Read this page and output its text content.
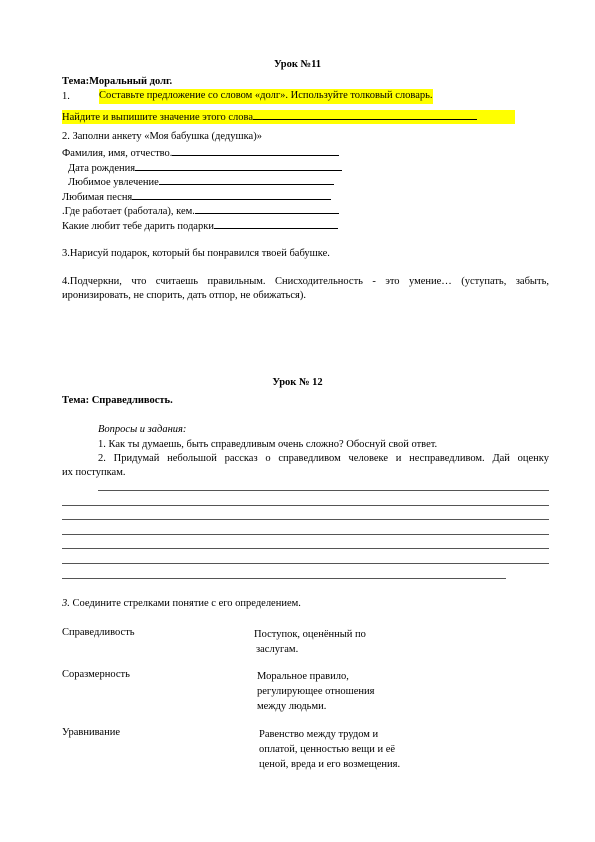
Урок №11
Тема:Моральный долг.
1.	Составьте предложение со словом «долг». Используйте толковый словарь.
Найдите и выпишите значение этого слова
2. Заполни анкету «Моя бабушка (дедушка)»
Фамилия, имя, отчество.
Дата рождения
Любимое увлечение
Любимая песня
.Где работает (работала), кем.
Какие любит тебе дарить подарки
3.Нарисуй подарок, который бы понравился твоей бабушке.
4.Подчеркни, что считаешь правильным. Снисходительность - это умение… (уступать, забыть,
иронизировать, не спорить, дать отпор, не обижаться).
Урок № 12
Тема: Справедливость.
Вопросы и задания:
1. Как ты думаешь, быть справедливым очень сложно? Обоснуй свой ответ.
2. Придумай небольшой рассказ о справедливом человеке и несправедливом. Дай оценку
их поступкам.
3. Соедините стрелками понятие с его определением.
Справедливость
Соразмерность
Уравнивание
Поступок, оценённый по
заслугам.
Моральное правило,
регулирующее отношения
между людьми.
Равенство между трудом и
оплатой, ценностью вещи и её
ценой, вреда и его возмещения.
